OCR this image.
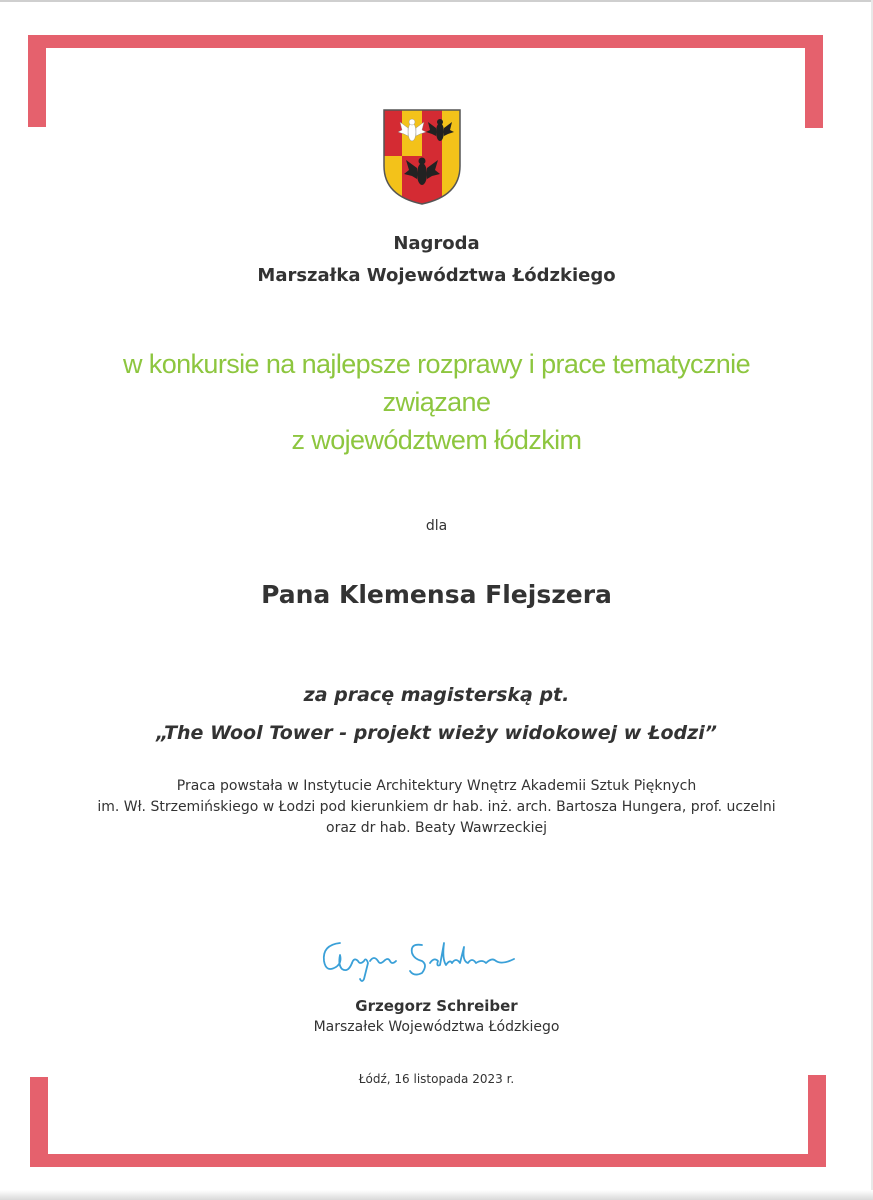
Nagroda
Marszałka Województwa Łódzkiego
w konkursie na najlepsze rozprawy i prace tematycznie
związane
z województwem łódzkim
dla
Pana Klemensa Flejszera
za pracę magisterską pt.
„The Wool Tower - projekt wieży widokowej w Łodzi”
Praca powstała w Instytucie Architektury Wnętrz Akademii Sztuk Pięknych
im. Wł. Strzemińskiego w Łodzi pod kierunkiem dr hab. inż. arch. Bartosza Hungera, prof. uczelni
oraz dr hab. Beaty Wawrzeckiej
Grzegorz Schreiber
Marszałek Województwa Łódzkiego
Łódź, 16 listopada 2023 r.
